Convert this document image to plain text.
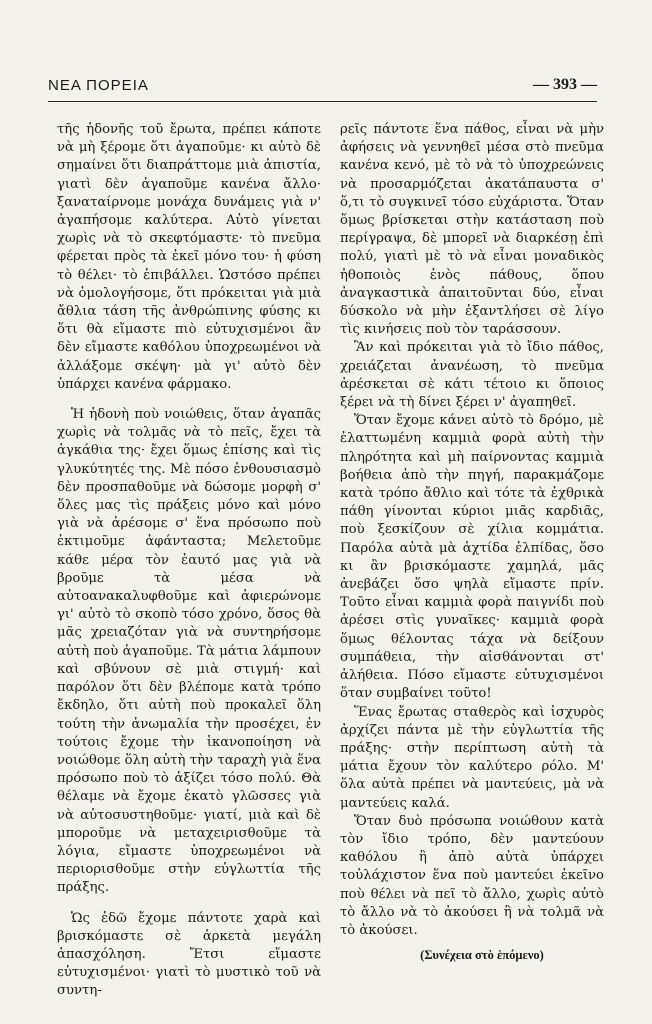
ΝΕΑ ΠΟΡΕΙΑ	— 393 —

τῆς ἡδονῆς τοῦ ἔρωτα, πρέπει κάποτε νὰ μὴ ξέρομε ὅτι ἀγαποῦμε· κι αὐτὸ δὲ σημαίνει ὅτι διαπράττομε μιὰ ἀπιστία, γιατὶ δὲν ἀγαποῦμε κανένα ἄλλο· ξαναταίρνομε μονάχα δυνάμεις γιὰ ν' ἀγαπήσομε καλύτερα. Αὐτὸ γίνεται χωρὶς νὰ τὸ σκεφτόμαστε· τὸ πνεῦμα φέρεται πρὸς τὰ ἐκεῖ μόνο του· ἡ φύση τὸ θέλει· τὸ ἐπιβάλλει. Ὡστόσο πρέπει νὰ ὁμολογήσομε, ὅτι πρόκειται γιὰ μιὰ ἄθλια τάση τῆς ἀνθρώπινης φύσης κι ὅτι θὰ εἴμαστε πιὸ εὐτυχισμένοι ἂν δὲν εἴμαστε καθόλου ὑποχρεωμένοι νὰ ἀλλάξομε σκέψη· μὰ γι' αὐτὸ δὲν ὑπάρχει κανένα φάρμακο.

Ἡ ἡδονὴ ποὺ νοιώθεις, ὅταν ἀγαπᾶς χωρὶς νὰ τολμᾶς νὰ τὸ πεῖς, ἔχει τὰ ἀγκάθια της· ἔχει ὅμως ἐπίσης καὶ τὶς γλυκύτητές της. Μὲ πόσο ἐνθουσιασμὸ δὲν προσπαθοῦμε νὰ δώσομε μορφὴ σ' ὅλες μας τὶς πράξεις μόνο καὶ μόνο γιὰ νὰ ἀρέσομε σ' ἕνα πρόσωπο ποὺ ἐκτιμοῦμε ἀφάνταστα; Μελετοῦμε κάθε μέρα τὸν ἑαυτό μας γιὰ νὰ βροῦμε τὰ μέσα νὰ αὐτοανακαλυφθοῦμε καὶ ἀφιερώνομε γι' αὐτὸ τὸ σκοπὸ τόσο χρόνο, ὅσος θὰ μᾶς χρειαζόταν γιὰ νὰ συντηρήσομε αὐτὴ ποὺ ἀγαποῦμε. Τὰ μάτια λάμπουν καὶ σβύνουν σὲ μιὰ στιγμή· καὶ παρόλον ὅτι δὲν βλέπομε κατὰ τρόπο ἔκδηλο, ὅτι αὐτὴ ποὺ προκαλεῖ ὅλη τούτη τὴν ἀνωμαλία τὴν προσέχει, ἐν τούτοις ἔχομε τὴν ἱκανοποίηση νὰ νοιώθομε ὅλη αὐτὴ τὴν ταραχὴ γιὰ ἕνα πρόσωπο ποὺ τὸ ἀξίζει τόσο πολύ. Θὰ θέλαμε νὰ ἔχομε ἑκατὸ γλῶσσες γιὰ νὰ αὐτοσυστηθοῦμε· γιατί, μιὰ καὶ δὲ μποροῦμε νὰ μεταχειρισθοῦμε τὰ λόγια, εἴμαστε ὑποχρεωμένοι νὰ περιορισθοῦμε στὴν εὐγλωττία τῆς πράξης.

Ὡς ἐδῶ ἔχομε πάντοτε χαρὰ καὶ βρισκόμαστε σὲ ἀρκετὰ μεγάλη ἀπασχόληση. Ἔτσι εἴμαστε εὐτυχισμένοι· γιατὶ τὸ μυστικὸ τοῦ νὰ συντη-

ρεῖς πάντοτε ἕνα πάθος, εἶναι νὰ μὴν ἀφήσεις νὰ γεννηθεῖ μέσα στὸ πνεῦμα κανένα κενό, μὲ τὸ νὰ τὸ ὑποχρεώνεις νὰ προσαρμόζεται ἀκατάπαυστα σ' ὅ,τι τὸ συγκινεῖ τόσο εὐχάριστα. Ὅταν ὅμως βρίσκεται στὴν κατάσταση ποὺ περίγραψα, δὲ μπορεῖ νὰ διαρκέσῃ ἐπὶ πολύ, γιατὶ μὲ τὸ νὰ εἶναι μοναδικὸς ἠθοποιὸς ἑνὸς πάθους, ὅπου ἀναγκαστικὰ ἀπαιτοῦνται δύο, εἶναι δύσκολο νὰ μὴν ἐξαντλήσει σὲ λίγο τὶς κινήσεις ποὺ τὸν ταράσσουν.

Ἂν καὶ πρόκειται γιὰ τὸ ἴδιο πάθος, χρειάζεται ἀνανέωση, τὸ πνεῦμα ἀρέσκεται σὲ κάτι τέτοιο κι ὅποιος ξέρει νὰ τὴ δίνει ξέρει ν' ἀγαπηθεῖ.

Ὅταν ἔχομε κάνει αὐτὸ τὸ δρόμο, μὲ ἐλαττωμένη καμμιὰ φορὰ αὐτὴ τὴν πληρότητα καὶ μὴ παίρνοντας καμμιὰ βοήθεια ἀπὸ τὴν πηγή, παρακμάζομε κατὰ τρόπο ἄθλιο καὶ τότε τὰ ἐχθρικὰ πάθη γίνονται κύριοι μιᾶς καρδιᾶς, ποὺ ξεσκίζουν σὲ χίλια κομμάτια. Παρόλα αὐτὰ μὰ ἀχτίδα ἐλπίδας, ὅσο κι ἂν βρισκόμαστε χαμηλά, μᾶς ἀνεβάζει ὅσο ψηλὰ εἴμαστε πρίν. Τοῦτο εἶναι καμμιὰ φορὰ παιγνίδι ποὺ ἀρέσει στὶς γυναῖκες· καμμιὰ φορὰ ὅμως θέλοντας τάχα νὰ δείξουν συμπάθεια, τὴν αἰσθάνονται στ' ἀλήθεια. Πόσο εἴμαστε εὐτυχισμένοι ὅταν συμβαίνει τοῦτο!

Ἕνας ἔρωτας σταθερὸς καὶ ἰσχυρὸς ἀρχίζει πάντα μὲ τὴν εὐγλωττία τῆς πράξης· στὴν περίπτωση αὐτὴ τὰ μάτια ἔχουν τὸν καλύτερο ρόλο. Μ' ὅλα αὐτὰ πρέπει νὰ μαντεύεις, μὰ νὰ μαντεύεις καλά.

Ὅταν δυὸ πρόσωπα νοιώθουν κατὰ τὸν ἴδιο τρόπο, δὲν μαντεύουν καθόλου ἢ ἀπὸ αὐτὰ ὑπάρχει τοὐλάχιστον ἕνα ποὺ μαντεύει ἐκεῖνο ποὺ θέλει νὰ πεῖ τὸ ἄλλο, χωρὶς αὐτὸ τὸ ἄλλο νὰ τὸ ἀκούσει ἢ νὰ τολμᾶ νὰ τὸ ἀκούσει.

(Συνέχεια στὸ ἑπόμενο)
